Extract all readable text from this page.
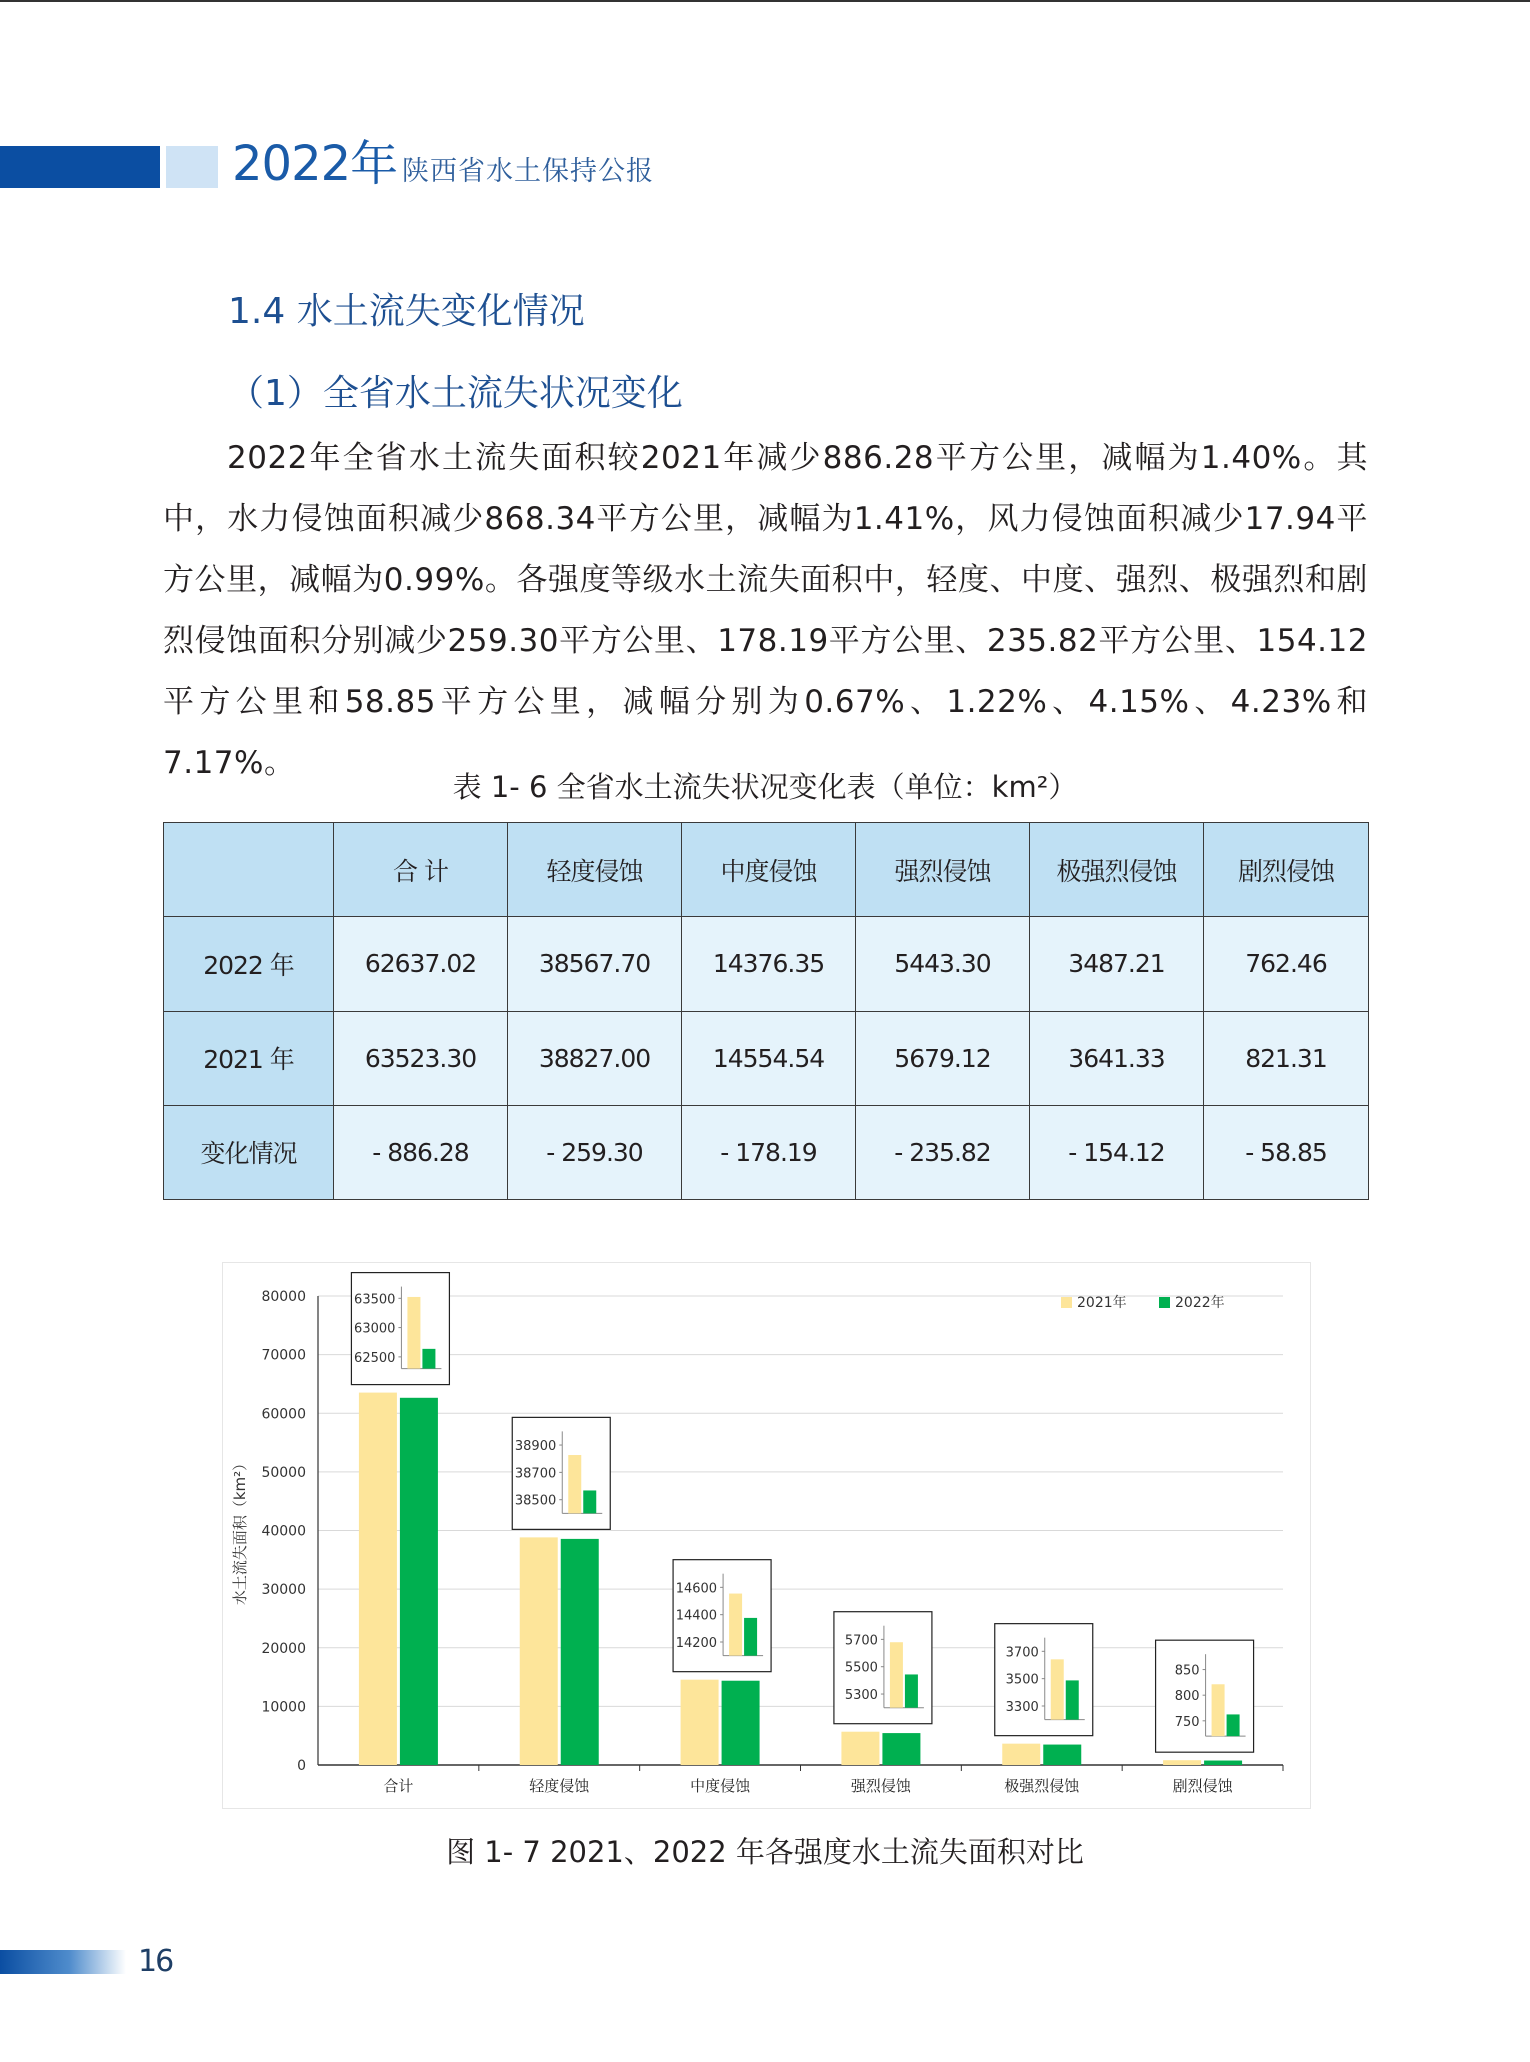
2022年 陕西省水土保持公报
1.4 水土流失变化情况
（1）全省水土流失状况变化
2022年全省水土流失面积较2021年减少886.28平方公里，减幅为1.40%。其中，水力侵蚀面积减少868.34平方公里，减幅为1.41%，风力侵蚀面积减少17.94平方公里，减幅为0.99%。各强度等级水土流失面积中，轻度、中度、强烈、极强烈和剧烈侵蚀面积分别减少259.30平方公里、178.19平方公里、235.82平方公里、154.12平方公里和58.85平方公里，减幅分别为0.67%、1.22%、4.15%、4.23%和7.17%。
表 1- 6 全省水土流失状况变化表（单位：km²）
	合 计	轻度侵蚀	中度侵蚀	强烈侵蚀	极强烈侵蚀	剧烈侵蚀
2022 年	62637.02	38567.70	14376.35	5443.30	3487.21	762.46
2021 年	63523.30	38827.00	14554.54	5679.12	3641.33	821.31
变化情况	- 886.28	- 259.30	- 178.19	- 235.82	- 154.12	- 58.85
0
10000
20000
30000
40000
50000
60000
70000
80000
水土流失面积（km²）
合计
63500
63000
62500
轻度侵蚀
38900
38700
38500
中度侵蚀
14600
14400
14200
强烈侵蚀
5700
5500
5300
极强烈侵蚀
3700
3500
3300
剧烈侵蚀
850
800
750
2021年	2022年
图 1- 7 2021、2022 年各强度水土流失面积对比
16
